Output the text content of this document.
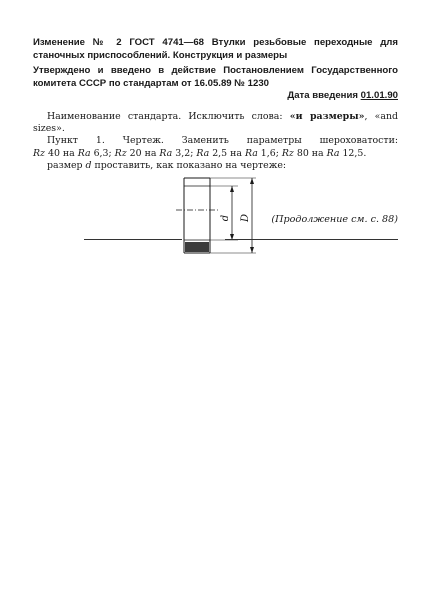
Изменение № 2 ГОСТ 4741—68 Втулки резьбовые переходные для станочных приспособлений. Конструкция и размеры
Утверждено и введено в действие Постановлением Государственного комитета СССР по стандартам от 16.05.89 № 1230
Дата введения 01.01.90

Наименование стандарта. Исключить слова: «и размеры», «and sizes».

Пункт 1. Чертеж. Заменить параметры шероховатости: Rz 40 на Ra 6,3; Rz 20 на Ra 3,2; Ra 2,5 на Ra 1,6; Rz 80 на Ra 12,5.

размер d проставить, как показано на чертеже:

d D	(Продолжение см. с. 88)
